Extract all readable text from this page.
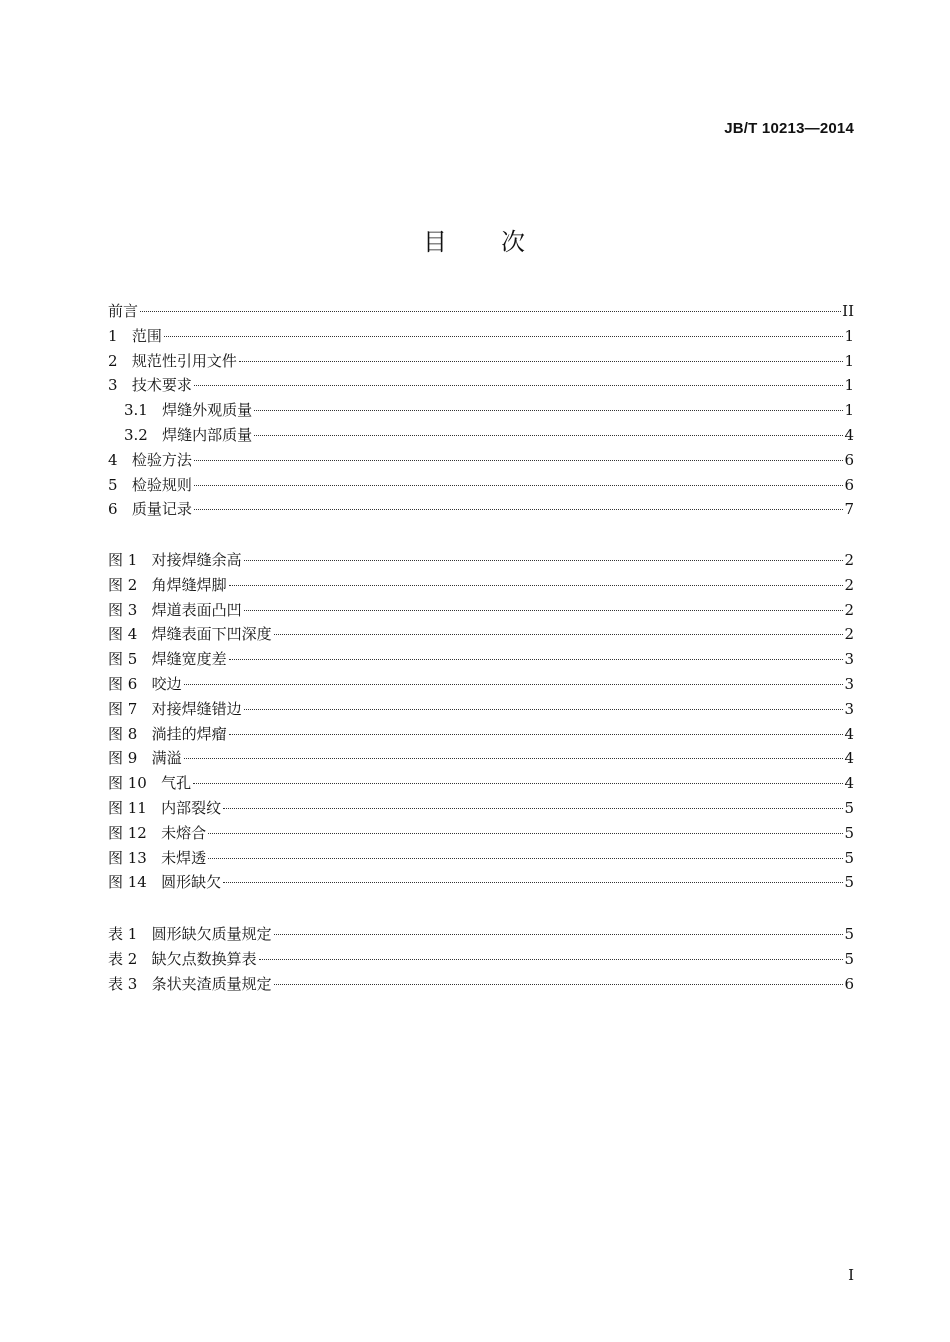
JB/T 10213—2014
目 次
前言	II
1 范围	1
2 规范性引用文件	1
3 技术要求	1
3.1 焊缝外观质量	1
3.2 焊缝内部质量	4
4 检验方法	6
5 检验规则	6
6 质量记录	7
图 1 对接焊缝余高	2
图 2 角焊缝焊脚	2
图 3 焊道表面凸凹	2
图 4 焊缝表面下凹深度	2
图 5 焊缝宽度差	3
图 6 咬边	3
图 7 对接焊缝错边	3
图 8 淌挂的焊瘤	4
图 9 满溢	4
图 10 气孔	4
图 11 内部裂纹	5
图 12 未熔合	5
图 13 未焊透	5
图 14 圆形缺欠	5
表 1 圆形缺欠质量规定	5
表 2 缺欠点数换算表	5
表 3 条状夹渣质量规定	6
I
